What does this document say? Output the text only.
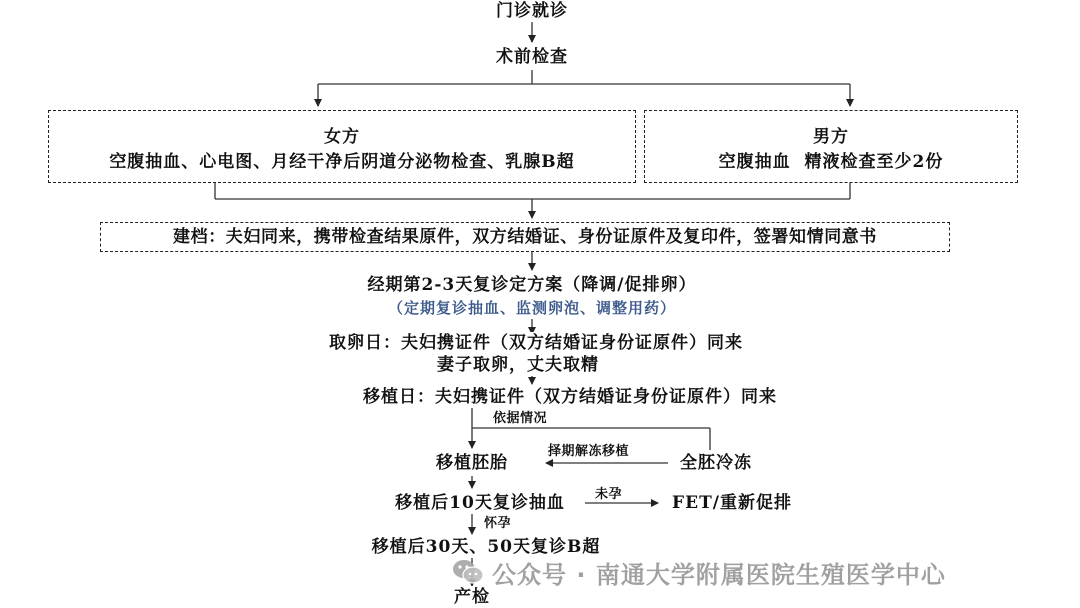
门诊就诊
术前检查
女方
空腹抽血、心电图、月经干净后阴道分泌物检查、乳腺B超
男方
空腹抽血  精液检查至少2份
建档：夫妇同来，携带检查结果原件，双方结婚证、身份证原件及复印件，签署知情同意书
经期第2-3天复诊定方案（降调/促排卵）
（定期复诊抽血、监测卵泡、调整用药）
取卵日：夫妇携证件（双方结婚证身份证原件）同来
妻子取卵，丈夫取精
移植日：夫妇携证件（双方结婚证身份证原件）同来
依据情况
移植胚胎
择期解冻移植
全胚冷冻
移植后10天复诊抽血 未孕	FET/重新促排
怀孕
移植后30天、50天复诊B超
产检
公众号 · 南通大学附属医院生殖医学中心
